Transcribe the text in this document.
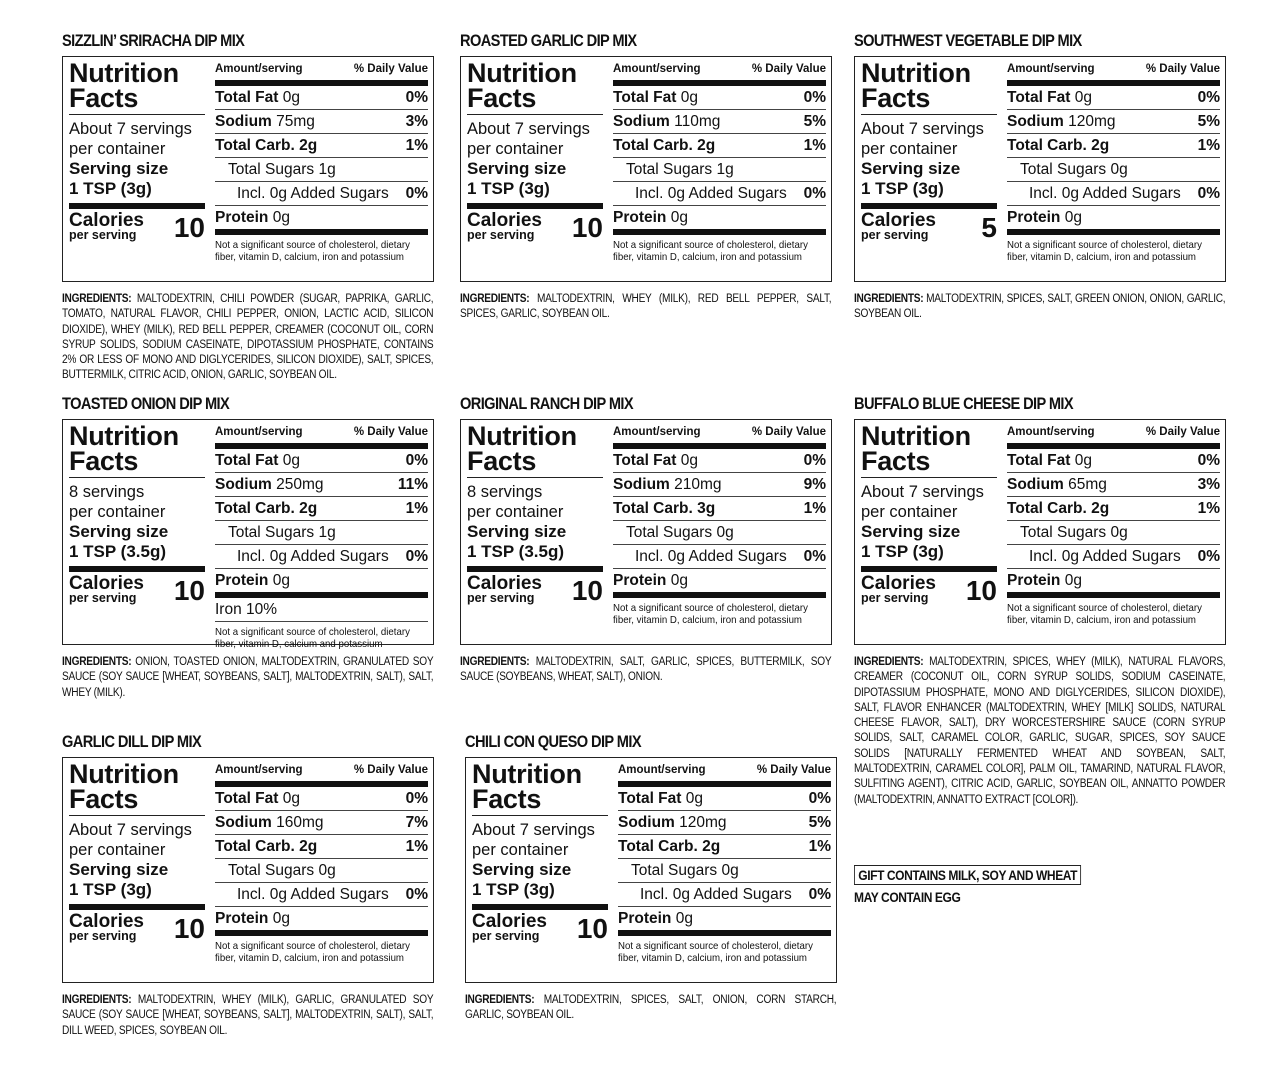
SIZZLIN’ SRIRACHA DIP MIX
Nutrition
Facts
About 7 servings
per container
Serving size
1 TSP (3g)
Calories
per serving 10
Amount/serving	% Daily Value
Total Fat 0g	0%
Sodium 75mg	3%
Total Carb. 2g	1%
Total Sugars 1g
Incl. 0g Added Sugars 0%
Protein 0g
Not a significant source of cholesterol, dietary fiber, vitamin D, calcium, iron and potassium
INGREDIENTS: MALTODEXTRIN, CHILI POWDER (SUGAR, PAPRIKA, GARLIC, TOMATO, NATURAL FLAVOR, CHILI PEPPER, ONION, LACTIC ACID, SILICON DIOXIDE), WHEY (MILK), RED BELL PEPPER, CREAMER (COCONUT OIL, CORN SYRUP SOLIDS, SODIUM CASEINATE, DIPOTASSIUM PHOSPHATE, CONTAINS 2% OR LESS OF MONO AND DIGLYCERIDES, SILICON DIOXIDE), SALT, SPICES, BUTTERMILK, CITRIC ACID, ONION, GARLIC, SOYBEAN OIL.
ROASTED GARLIC DIP MIX
Nutrition
Facts
About 7 servings
per container
Serving size
1 TSP (3g)
Calories
per serving 10
Amount/serving	% Daily Value
Total Fat 0g	0%
Sodium 110mg	5%
Total Carb. 2g	1%
Total Sugars 1g
Incl. 0g Added Sugars 0%
Protein 0g
Not a significant source of cholesterol, dietary fiber, vitamin D, calcium, iron and potassium
INGREDIENTS: MALTODEXTRIN, WHEY (MILK), RED BELL PEPPER, SALT, SPICES, GARLIC, SOYBEAN OIL.
SOUTHWEST VEGETABLE DIP MIX
Nutrition
Facts
About 7 servings
per container
Serving size
1 TSP (3g)
Calories
per serving 5
Amount/serving	% Daily Value
Total Fat 0g	0%
Sodium 120mg	5%
Total Carb. 2g	1%
Total Sugars 0g
Incl. 0g Added Sugars 0%
Protein 0g
Not a significant source of cholesterol, dietary fiber, vitamin D, calcium, iron and potassium
INGREDIENTS: MALTODEXTRIN, SPICES, SALT, GREEN ONION, ONION, GARLIC, SOYBEAN OIL.
TOASTED ONION DIP MIX
Nutrition
Facts
8 servings
per container
Serving size
1 TSP (3.5g)
Calories
per serving 10
Amount/serving	% Daily Value
Total Fat 0g	0%
Sodium 250mg	11%
Total Carb. 2g	1%
Total Sugars 1g
Incl. 0g Added Sugars 0%
Protein 0g
Iron 10%
Not a significant source of cholesterol, dietary fiber, vitamin D, calcium and potassium
INGREDIENTS: ONION, TOASTED ONION, MALTODEXTRIN, GRANULATED SOY SAUCE (SOY SAUCE [WHEAT, SOYBEANS, SALT], MALTODEXTRIN, SALT), SALT, WHEY (MILK).
ORIGINAL RANCH DIP MIX
Nutrition
Facts
8 servings
per container
Serving size
1 TSP (3.5g)
Calories
per serving 10
Amount/serving	% Daily Value
Total Fat 0g	0%
Sodium 210mg	9%
Total Carb. 3g	1%
Total Sugars 0g
Incl. 0g Added Sugars 0%
Protein 0g
Not a significant source of cholesterol, dietary fiber, vitamin D, calcium, iron and potassium
INGREDIENTS: MALTODEXTRIN, SALT, GARLIC, SPICES, BUTTERMILK, SOY SAUCE (SOYBEANS, WHEAT, SALT), ONION.
BUFFALO BLUE CHEESE DIP MIX
Nutrition
Facts
About 7 servings
per container
Serving size
1 TSP (3g)
Calories
per serving 10
Amount/serving	% Daily Value
Total Fat 0g	0%
Sodium 65mg	3%
Total Carb. 2g	1%
Total Sugars 0g
Incl. 0g Added Sugars 0%
Protein 0g
Not a significant source of cholesterol, dietary fiber, vitamin D, calcium, iron and potassium
INGREDIENTS: MALTODEXTRIN, SPICES, WHEY (MILK), NATURAL FLAVORS, CREAMER (COCONUT OIL, CORN SYRUP SOLIDS, SODIUM CASEINATE, DIPOTASSIUM PHOSPHATE, MONO AND DIGLYCERIDES, SILICON DIOXIDE), SALT, FLAVOR ENHANCER (MALTODEXTRIN, WHEY [MILK] SOLIDS, NATURAL CHEESE FLAVOR, SALT), DRY WORCESTERSHIRE SAUCE (CORN SYRUP SOLIDS, SALT, CARAMEL COLOR, GARLIC, SUGAR, SPICES, SOY SAUCE SOLIDS [NATURALLY FERMENTED WHEAT AND SOYBEAN, SALT, MALTODEXTRIN, CARAMEL COLOR], PALM OIL, TAMARIND, NATURAL FLAVOR, SULFITING AGENT), CITRIC ACID, GARLIC, SOYBEAN OIL, ANNATTO POWDER (MALTODEXTRIN, ANNATTO EXTRACT [COLOR]).
GARLIC DILL DIP MIX
Nutrition
Facts
About 7 servings
per container
Serving size
1 TSP (3g)
Calories
per serving 10
Amount/serving	% Daily Value
Total Fat 0g	0%
Sodium 160mg	7%
Total Carb. 2g	1%
Total Sugars 0g
Incl. 0g Added Sugars 0%
Protein 0g
Not a significant source of cholesterol, dietary fiber, vitamin D, calcium, iron and potassium
INGREDIENTS: MALTODEXTRIN, WHEY (MILK), GARLIC, GRANULATED SOY SAUCE (SOY SAUCE [WHEAT, SOYBEANS, SALT], MALTODEXTRIN, SALT), SALT, DILL WEED, SPICES, SOYBEAN OIL.
CHILI CON QUESO DIP MIX
Nutrition
Facts
About 7 servings
per container
Serving size
1 TSP (3g)
Calories
per serving 10
Amount/serving	% Daily Value
Total Fat 0g	0%
Sodium 120mg	5%
Total Carb. 2g	1%
Total Sugars 0g
Incl. 0g Added Sugars 0%
Protein 0g
Not a significant source of cholesterol, dietary fiber, vitamin D, calcium, iron and potassium
INGREDIENTS: MALTODEXTRIN, SPICES, SALT, ONION, CORN STARCH, GARLIC, SOYBEAN OIL.
GIFT CONTAINS MILK, SOY AND WHEAT
MAY CONTAIN EGG
